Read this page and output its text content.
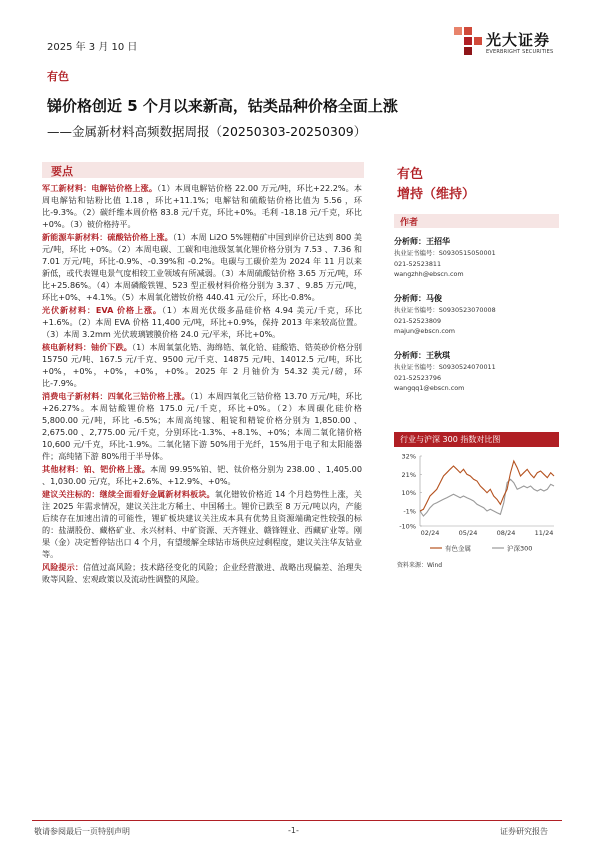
2025 年 3 月 10 日	光大证券
EVERBRIGHT SECURITIES
有色
锑价格创近 5 个月以来新高，钴类品种价格全面上涨
——金属新材料高频数据周报（20250303-20250309）
要点

军工新材料：电解钴价格上涨。（1）本周电解钴价格 22.00 万元/吨，环比+22.2%。本周电解钴和钴粉比值 1.18 ，环比+11.1%；电解钴和硫酸钴价格比值为 5.56 ，环比-9.3%。（2）碳纤维本周价格 83.8 元/千克，环比+0%。毛利 -18.18 元/千克，环比+0%。（3）铍价格持平。

新能源车新材料：硫酸钴价格上涨。（1）本周 Li2O 5%锂精矿中国到岸价已达到 800 美元/吨，环比 +0%。（2）本周电碳、工碳和电池级氢氧化锂价格分别为 7.53 、7.36 和 7.01 万元/吨，环比-0.9%、-0.39%和 -0.2%。电碳与工碳价差为 2024 年 11 月以来新低，或代表锂电景气度相较工业领域有所减弱。（3）本周硫酸钴价格 3.65 万元/吨，环比+25.86%。（4）本周磷酸铁锂、523 型正极材料价格分别为 3.37 、9.85 万元/吨，环比+0%、+4.1%。（5）本周氧化镨钕价格 440.41 元/公斤，环比-0.8%。

光伏新材料：EVA 价格上涨。（1）本周光伏级多晶硅价格 4.94 美元/千克，环比 +1.6%。（2）本周 EVA 价格 11,400 元/吨，环比+0.9%，保持 2013 年来较高位置。（3）本周 3.2mm 光伏玻璃镀膜价格 24.0 元/平米，环比+0%。

核电新材料：铀价下跌。（1）本周氧氯化锆、海绵锆、氧化铪、硅酸锆、锆英砂价格分别 15750 元/吨、167.5 元/千克、9500 元/千克、14875 元/吨、14012.5 元/吨，环比+0%，+0%，+0%，+0%，+0%。2025 年 2 月铀价为 54.32 美元/磅，环比-7.9%。

消费电子新材料：四氧化三钴价格上涨。（1）本周四氧化三钴价格 13.70 万元/吨，环比+26.27%。本周钴酸锂价格 175.0 元/千克，环比+0%。（2）本周碳化硅价格 5,800.00 元/吨，环比 -6.5%；本周高纯镓、粗锭和精锭价格分别为 1,850.00 、2,675.00 、2,775.00 元/千克，分别环比-1.3%、+8.1%、+0%；本周二氧化锗价格 10,600 元/千克，环比-1.9%。二氧化锗下游 50%用于光纤，15%用于电子和太阳能器件；高纯锗下游 80%用于半导体。

其他材料：铂、钯价格上涨。本周 99.95%铂、钯、钛价格分别为 238.00 、1,405.00 、1,030.00 元/克，环比+2.6%、+12.9%、+0%。

建议关注标的：继续全面看好金属新材料板块。氧化镨钕价格近 14 个月趋势性上涨，关注 2025 年需求情况，建议关注北方稀土、中国稀土。锂价已跌至 8 万元/吨以内，产能后续存在加速出清的可能性，锂矿板块建议关注成本具有优势且资源端确定性较强的标的：盐湖股份、藏格矿业、永兴材料、中矿资源、天齐锂业、赣锋锂业、西藏矿业等。刚果（金）决定暂停钴出口 4 个月，有望缓解全球钴市场供应过剩程度，建议关注华友钴业等。

风险提示：信值过高风险；技术路径变化的风险；企业经营激进、战略出现偏差、治理失败等风险、宏观政策以及流动性调整的风险。

有色
增持（维持）
作者
分析师：王招华
执业证书编号：S0930515050001
021-52523811
wangzhh@ebscn.com
分析师：马俊
执业证书编号：S0930523070008
021-52523809
majun@ebscn.com
分析师：王秋琪
执业证书编号：S0930524070011
021-52523796
wangqq1@ebscn.com
行业与沪深 300 指数对比图
32%
21%
10%
-1%
-10%
02/24	05/24	08/24	11/24
有色金属	沪深300
资料来源：Wind
敬请参阅最后一页特别声明	-1-	证券研究报告
